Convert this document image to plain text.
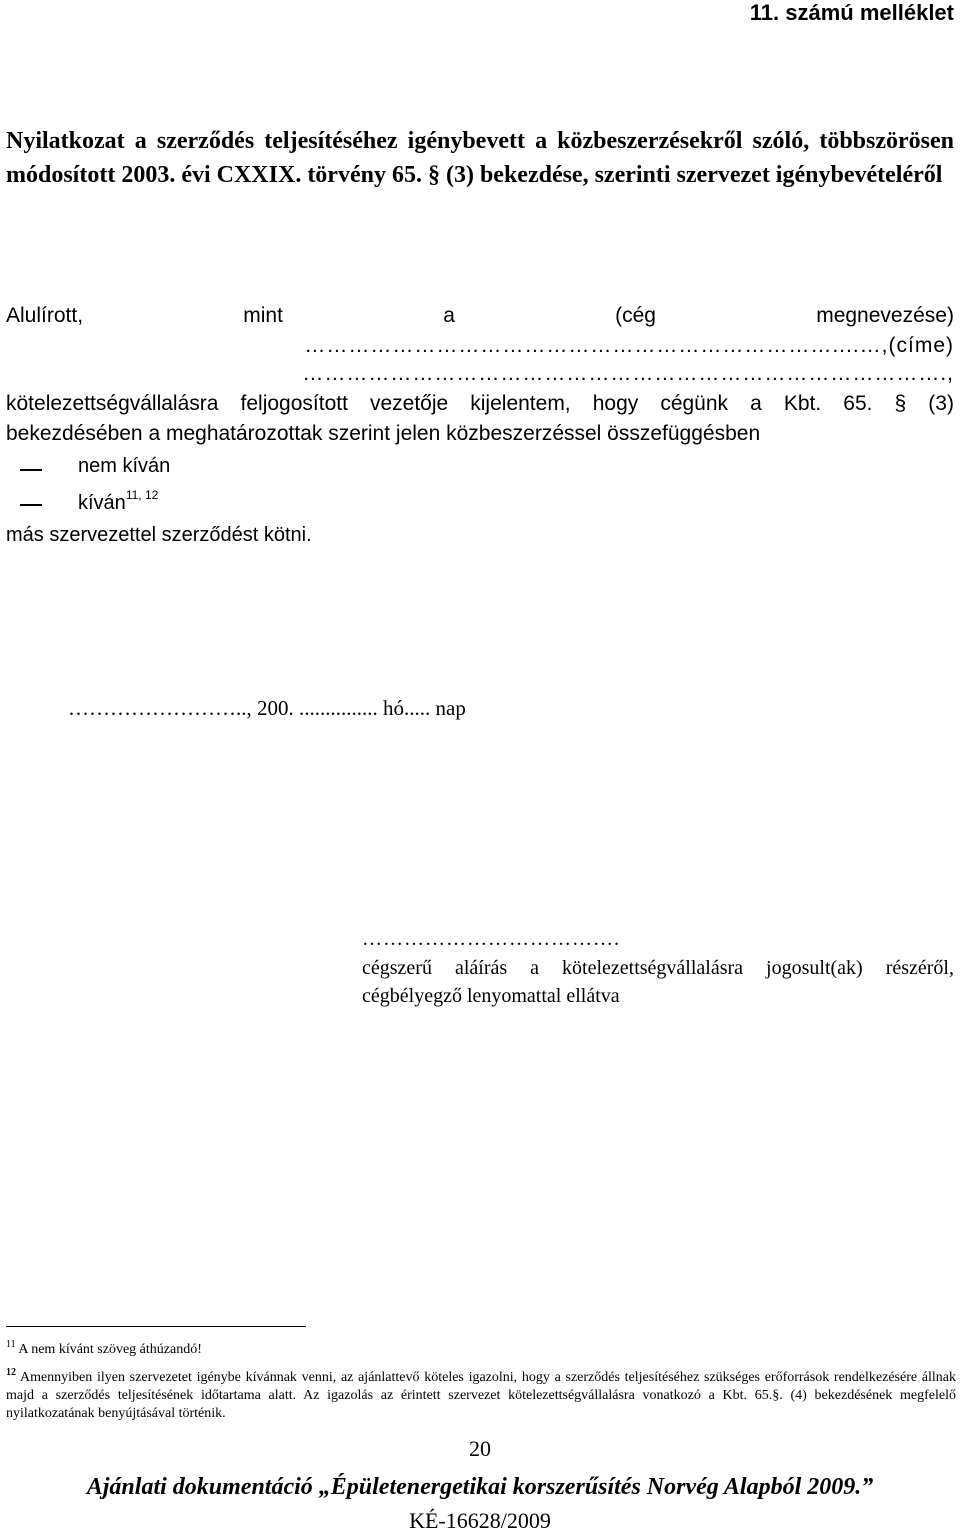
11. számú melléklet
Nyilatkozat a szerződés teljesítéséhez igénybevett a közbeszerzésekről szóló, többszörösen módosított 2003. évi CXXIX. törvény 65. § (3) bekezdése, szerinti szervezet igénybevételéről
Alulírott,	mint	a	(cég	megnevezése)
………………………………………………………………....…,(címe)
…………………………………………………………………………….,
kötelezettségvállalásra feljogosított vezetője kijelentem, hogy cégünk a Kbt. 65. § (3)
bekezdésében a meghatározottak szerint jelen közbeszerzéssel összefüggésben
nem kíván
kíván$^{11, 12}$
más szervezettel szerződést kötni.
…………………….., 200. ............... hó..... nap
……………………………….
cégszerű aláírás a kötelezettségvállalásra jogosult(ak) részéről, cégbélyegző lenyomattal ellátva
$^{11}$ A nem kívánt szöveg áthúzandó!
$^{12}$ Amennyiben ilyen szervezetet igénybe kívánnak venni, az ajánlattevő köteles igazolni, hogy a szerződés teljesítéséhez szükséges erőforrások rendelkezésére állnak majd a szerződés teljesítésének időtartama alatt. Az igazolás az érintett szervezet kötelezettségvállalásra vonatkozó a Kbt. 65.§. (4) bekezdésének megfelelő nyilatkozatának benyújtásával történik.
20
Ajánlati dokumentáció „Épületenergetikai korszerűsítés Norvég Alapból 2009.”
KÉ-16628/2009
